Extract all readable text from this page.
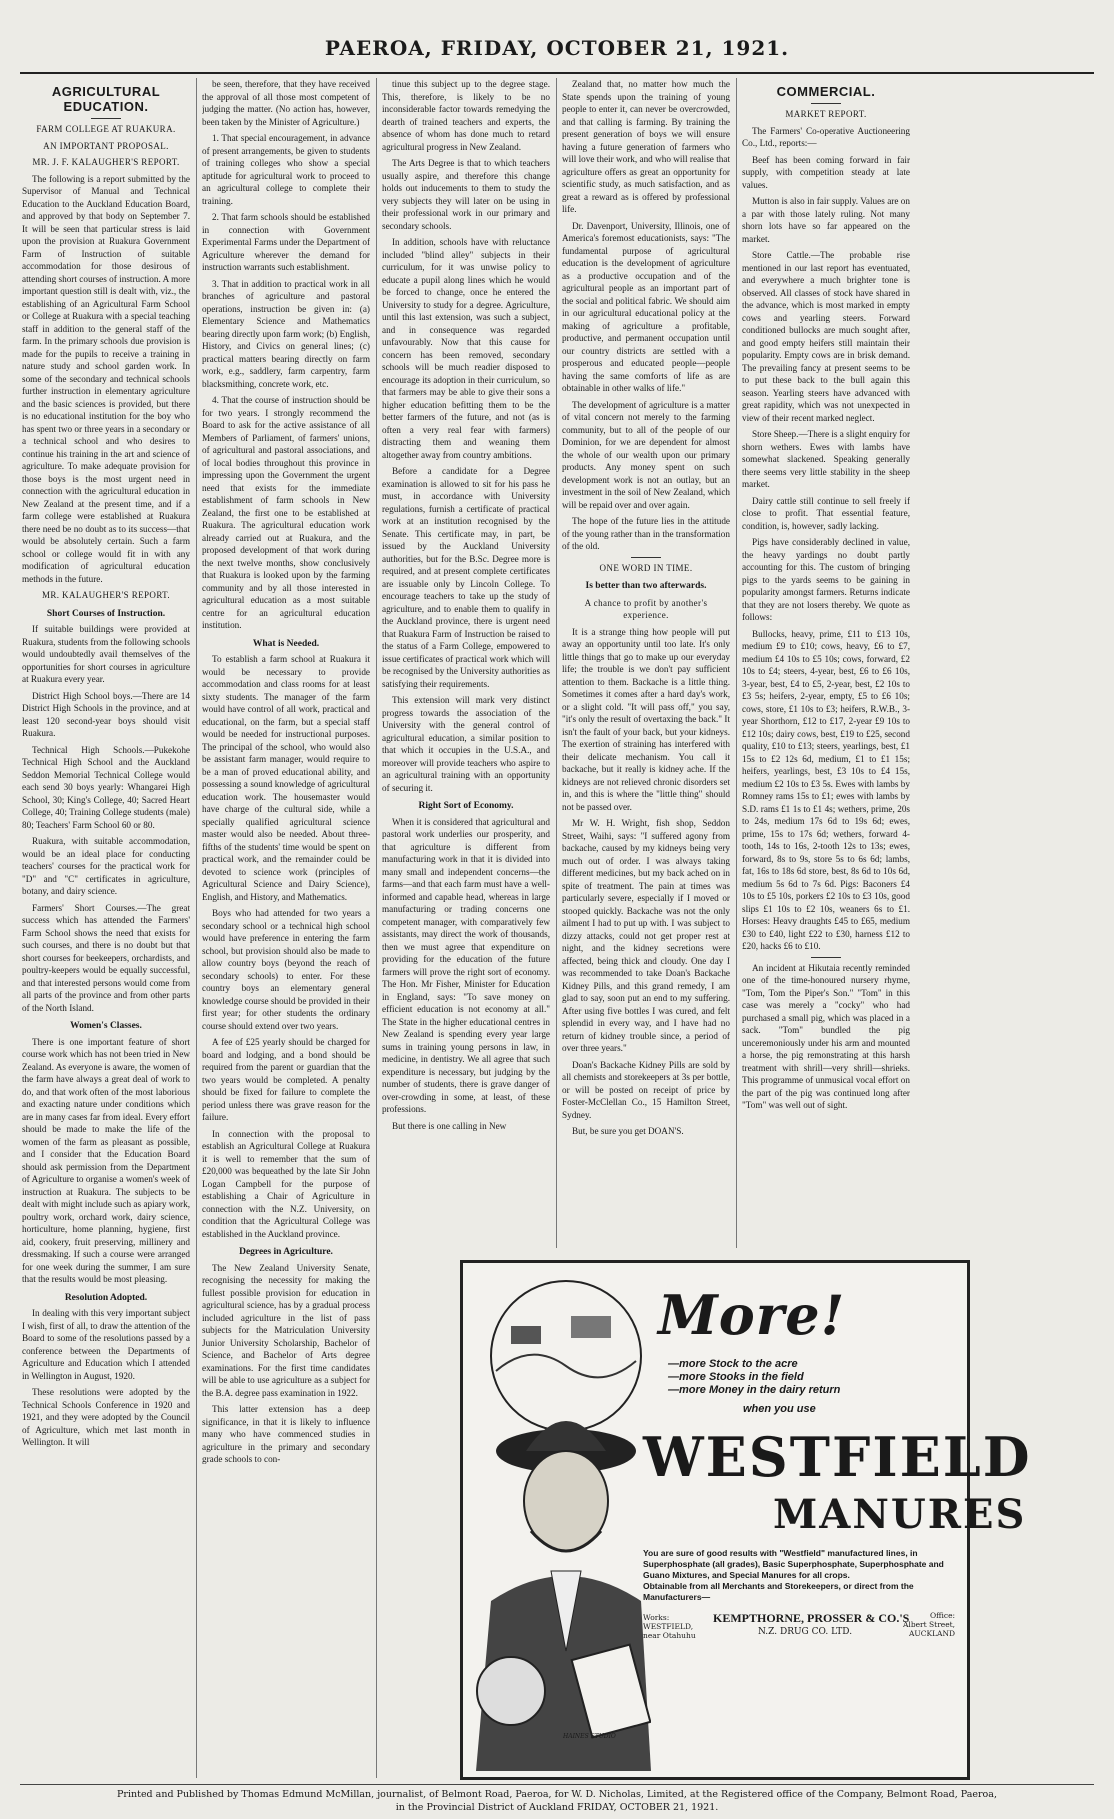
PAEROA, FRIDAY, OCTOBER 21, 1921.
AGRICULTURAL EDUCATION.
FARM COLLEGE AT RUAKURA.
AN IMPORTANT PROPOSAL.
MR. J. F. KALAUGHER'S REPORT.

The following is a report submitted by the Supervisor of Manual and Technical Education to the Auckland Education Board, and approved by that body on September 7. It will be seen that particular stress is laid upon the provision at Ruakura Government Farm of Instruction of suitable accommodation for those desirous of attending short courses of instruction. A more important question still is dealt with, viz., the establishing of an Agricultural Farm School or College at Ruakura with a special teaching staff in addition to the general staff of the farm. In the primary schools due provision is made for the pupils to receive a training in nature study and school garden work. In some of the secondary and technical schools further instruction in elementary agriculture and the basic sciences is provided, but there is no educational institution for the boy who has spent two or three years in a secondary or a technical school and who desires to continue his training in the art and science of agriculture. To make adequate provision for those boys is the most urgent need in connection with the agricultural education in New Zealand at the present time, and if a farm college were established at Ruakura there need be no doubt as to its success—that would be absolutely certain. Such a farm school or college would fit in with any modification of agricultural education methods in the future.

MR. KALAUGHER'S REPORT.
Short Courses of Instruction.

If suitable buildings were provided at Ruakura, students from the following schools would undoubtedly avail themselves of the opportunities for short courses in agriculture at Ruakura every year.

District High School boys.—There are 14 District High Schools in the province, and at least 120 second-year boys should visit Ruakura.

Technical High Schools.—Pukekohe Technical High School and the Auckland Seddon Memorial Technical College would each send 30 boys yearly: Whangarei High School, 30; King's College, 40; Sacred Heart College, 40; Training College students (male) 80; Teachers' Farm School 60 or 80.

Ruakura, with suitable accommodation, would be an ideal place for conducting teachers' courses for the practical work for "D" and "C" certificates in agriculture, botany, and dairy science.

Farmers' Short Courses.—The great success which has attended the Farmers' Farm School shows the need that exists for such courses, and there is no doubt but that short courses for beekeepers, orchardists, and poultry-keepers would be equally successful, and that interested persons would come from all parts of the province and from other parts of the North Island.

Women's Classes.

There is one important feature of short course work which has not been tried in New Zealand. As everyone is aware, the women of the farm have always a great deal of work to do, and that work often of the most laborious and exacting nature under conditions which are in many cases far from ideal. Every effort should be made to make the life of the women of the farm as pleasant as possible, and I consider that the Education Board should ask permission from the Department of Agriculture to organise a women's week of instruction at Ruakura. The subjects to be dealt with might include such as apiary work, poultry work, orchard work, dairy science, horticulture, home planning, hygiene, first aid, cookery, fruit preserving, millinery and dressmaking. If such a course were arranged for one week during the summer, I am sure that the results would be most pleasing.

Resolution Adopted.

In dealing with this very important subject I wish, first of all, to draw the attention of the Board to some of the resolutions passed by a conference between the Departments of Agriculture and Education which I attended in Wellington in August, 1920.

These resolutions were adopted by the Technical Schools Conference in 1920 and 1921, and they were adopted by the Council of Agriculture, which met last month in Wellington. It will

be seen, therefore, that they have received the approval of all those most competent of judging the matter. (No action has, however, been taken by the Minister of Agriculture.)

1. That special encouragement, in advance of present arrangements, be given to students of training colleges who show a special aptitude for agricultural work to proceed to an agricultural college to complete their training.

2. That farm schools should be established in connection with Government Experimental Farms under the Department of Agriculture wherever the demand for instruction warrants such establishment.

3. That in addition to practical work in all branches of agriculture and pastoral operations, instruction be given in: (a) Elementary Science and Mathematics bearing directly upon farm work; (b) English, History, and Civics on general lines; (c) practical matters bearing directly on farm work, e.g., saddlery, farm carpentry, farm blacksmithing, concrete work, etc.

4. That the course of instruction should be for two years. I strongly recommend the Board to ask for the active assistance of all Members of Parliament, of farmers' unions, of agricultural and pastoral associations, and of local bodies throughout this province in impressing upon the Government the urgent need that exists for the immediate establishment of farm schools in New Zealand, the first one to be established at Ruakura. The agricultural education work already carried out at Ruakura, and the proposed development of that work during the next twelve months, show conclusively that Ruakura is looked upon by the farming community and by all those interested in agricultural education as a most suitable centre for an agricultural education institution.

What is Needed.

To establish a farm school at Ruakura it would be necessary to provide accommodation and class rooms for at least sixty students. The manager of the farm would have control of all work, practical and educational, on the farm, but a special staff would be needed for instructional purposes. The principal of the school, who would also be assistant farm manager, would require to be a man of proved educational ability, and possessing a sound knowledge of agricultural education work. The housemaster would have charge of the cultural side, while a specially qualified agricultural science master would also be needed. About three-fifths of the students' time would be spent on practical work, and the remainder could be devoted to science work (principles of Agricultural Science and Dairy Science), English, and History, and Mathematics.

Boys who had attended for two years a secondary school or a technical high school would have preference in entering the farm school, but provision should also be made to allow country boys (beyond the reach of secondary schools) to enter. For these country boys an elementary general knowledge course should be provided in their first year; for other students the ordinary course should extend over two years.

A fee of £25 yearly should be charged for board and lodging, and a bond should be required from the parent or guardian that the two years would be completed. A penalty should be fixed for failure to complete the period unless there was grave reason for the failure.

In connection with the proposal to establish an Agricultural College at Ruakura it is well to remember that the sum of £20,000 was bequeathed by the late Sir John Logan Campbell for the purpose of establishing a Chair of Agriculture in connection with the N.Z. University, on condition that the Agricultural College was established in the Auckland province.

Degrees in Agriculture.

The New Zealand University Senate, recognising the necessity for making the fullest possible provision for education in agricultural science, has by a gradual process included agriculture in the list of pass subjects for the Matriculation University Junior University Scholarship, Bachelor of Science, and Bachelor of Arts degree examinations. For the first time candidates will be able to use agriculture as a subject for the B.A. degree pass examination in 1922.

This latter extension has a deep significance, in that it is likely to influence many who have commenced studies in agriculture in the primary and secondary grade schools to con-

tinue this subject up to the degree stage. This, therefore, is likely to be no inconsiderable factor towards remedying the dearth of trained teachers and experts, the absence of whom has done much to retard agricultural progress in New Zealand.

The Arts Degree is that to which teachers usually aspire, and therefore this change holds out inducements to them to study the very subjects they will later on be using in their professional work in our primary and secondary schools.

In addition, schools have with reluctance included "blind alley" subjects in their curriculum, for it was unwise policy to educate a pupil along lines which he would be forced to change, once he entered the University to study for a degree. Agriculture, until this last extension, was such a subject, and in consequence was regarded unfavourably. Now that this cause for concern has been removed, secondary schools will be much readier disposed to encourage its adoption in their curriculum, so that farmers may be able to give their sons a higher education befitting them to be the better farmers of the future, and not (as is often a very real fear with farmers) distracting them and weaning them altogether away from country ambitions.

Before a candidate for a Degree examination is allowed to sit for his pass he must, in accordance with University regulations, furnish a certificate of practical work at an institution recognised by the Senate. This certificate may, in part, be issued by the Auckland University authorities, but for the B.Sc. Degree more is required, and at present complete certificates are issuable only by Lincoln College. To encourage teachers to take up the study of agriculture, and to enable them to qualify in the Auckland province, there is urgent need that Ruakura Farm of Instruction be raised to the status of a Farm College, empowered to issue certificates of practical work which will be recognised by the University authorities as satisfying their requirements.

This extension will mark very distinct progress towards the association of the University with the general control of agricultural education, a similar position to that which it occupies in the U.S.A., and moreover will provide teachers who aspire to an agricultural training with an opportunity of securing it.

Right Sort of Economy.

When it is considered that agricultural and pastoral work underlies our prosperity, and that agriculture is different from manufacturing work in that it is divided into many small and independent concerns—the farms—and that each farm must have a well-informed and capable head, whereas in large manufacturing or trading concerns one competent manager, with comparatively few assistants, may direct the work of thousands, then we must agree that expenditure on providing for the education of the future farmers will prove the right sort of economy. The Hon. Mr Fisher, Minister for Education in England, says: "To save money on efficient education is not economy at all." The State in the higher educational centres in New Zealand is spending every year large sums in training young persons in law, in medicine, in dentistry. We all agree that such expenditure is necessary, but judging by the number of students, there is grave danger of over-crowding in some, at least, of these professions.

But there is one calling in New

Zealand that, no matter how much the State spends upon the training of young people to enter it, can never be overcrowded, and that calling is farming. By training the present generation of boys we will ensure having a future generation of farmers who will love their work, and who will realise that agriculture offers as great an opportunity for scientific study, as much satisfaction, and as great a reward as is offered by professional life.

Dr. Davenport, University, Illinois, one of America's foremost educationists, says: "The fundamental purpose of agricultural education is the development of agriculture as a productive occupation and of the agricultural people as an important part of the social and political fabric. We should aim in our agricultural educational policy at the making of agriculture a profitable, productive, and permanent occupation until our country districts are settled with a prosperous and educated people—people having the same comforts of life as are obtainable in other walks of life."

The development of agriculture is a matter of vital concern not merely to the farming community, but to all of the people of our Dominion, for we are dependent for almost the whole of our wealth upon our primary products. Any money spent on such development work is not an outlay, but an investment in the soil of New Zealand, which will be repaid over and over again.

The hope of the future lies in the attitude of the young rather than in the transformation of the old.

ONE WORD IN TIME.
Is better than two afterwards.
A chance to profit by another's experience.

It is a strange thing how people will put away an opportunity until too late. It's only little things that go to make up our everyday life; the trouble is we don't pay sufficient attention to them. Backache is a little thing. Sometimes it comes after a hard day's work, or a slight cold. "It will pass off," you say, "it's only the result of overtaxing the back." It isn't the fault of your back, but your kidneys. The exertion of straining has interfered with their delicate mechanism. You call it backache, but it really is kidney ache. If the kidneys are not relieved chronic disorders set in, and this is where the "little thing" should not be passed over.

Mr W. H. Wright, fish shop, Seddon Street, Waihi, says: "I suffered agony from backache, caused by my kidneys being very much out of order. I was always taking different medicines, but my back ached on in spite of treatment. The pain at times was particularly severe, especially if I moved or stooped quickly. Backache was not the only ailment I had to put up with. I was subject to dizzy attacks, could not get proper rest at night, and the kidney secretions were affected, being thick and cloudy. One day I was recommended to take Doan's Backache Kidney Pills, and this grand remedy, I am glad to say, soon put an end to my suffering. After using five bottles I was cured, and felt splendid in every way, and I have had no return of kidney trouble since, a period of over three years."

Doan's Backache Kidney Pills are sold by all chemists and storekeepers at 3s per bottle, or will be posted on receipt of price by Foster-McClellan Co., 15 Hamilton Street, Sydney.

But, be sure you get DOAN'S.

COMMERCIAL.
MARKET REPORT.

The Farmers' Co-operative Auctioneering Co., Ltd., reports:—

Beef has been coming forward in fair supply, with competition steady at late values.

Mutton is also in fair supply. Values are on a par with those lately ruling. Not many shorn lots have so far appeared on the market.

Store Cattle.—The probable rise mentioned in our last report has eventuated, and everywhere a much brighter tone is observed. All classes of stock have shared in the advance, which is most marked in empty cows and yearling steers. Forward conditioned bullocks are much sought after, and good empty heifers still maintain their popularity. Empty cows are in brisk demand. The prevailing fancy at present seems to be to put these back to the bull again this season. Yearling steers have advanced with great rapidity, which was not unexpected in view of their recent marked neglect.

Store Sheep.—There is a slight enquiry for shorn wethers. Ewes with lambs have somewhat slackened. Speaking generally there seems very little stability in the sheep market.

Dairy cattle still continue to sell freely if close to profit. That essential feature, condition, is, however, sadly lacking.

Pigs have considerably declined in value, the heavy yardings no doubt partly accounting for this. The custom of bringing pigs to the yards seems to be gaining in popularity amongst farmers. Returns indicate that they are not losers thereby. We quote as follows:

Bullocks, heavy, prime, £11 to £13 10s, medium £9 to £10; cows, heavy, £6 to £7, medium £4 10s to £5 10s; cows, forward, £2 10s to £4; steers, 4-year, best, £6 to £6 10s, 3-year, best, £4 to £5, 2-year, best, £2 10s to £3 5s; heifers, 2-year, empty, £5 to £6 10s; cows, store, £1 10s to £3; heifers, R.W.B., 3-year Shorthorn, £12 to £17, 2-year £9 10s to £12 10s; dairy cows, best, £19 to £25, second quality, £10 to £13; steers, yearlings, best, £1 15s to £2 12s 6d, medium, £1 to £1 15s; heifers, yearlings, best, £3 10s to £4 15s, medium £2 10s to £3 5s. Ewes with lambs by Romney rams 15s to £1; ewes with lambs by S.D. rams £1 1s to £1 4s; wethers, prime, 20s to 24s, medium 17s 6d to 19s 6d; ewes, prime, 15s to 17s 6d; wethers, forward 4-tooth, 14s to 16s, 2-tooth 12s to 13s; ewes, forward, 8s to 9s, store 5s to 6s 6d; lambs, fat, 16s to 18s 6d store, best, 8s 6d to 10s 6d, medium 5s 6d to 7s 6d. Pigs: Baconers £4 10s to £5 10s, porkers £2 10s to £3 10s, good slips £1 10s to £2 10s, weaners 6s to £1. Horses: Heavy draughts £45 to £65, medium £30 to £40, light £22 to £30, harness £12 to £20, hacks £6 to £10.

An incident at Hikutaia recently reminded one of the time-honoured nursery rhyme, "Tom, Tom the Piper's Son." "Tom" in this case was merely a "cocky" who had purchased a small pig, which was placed in a sack. "Tom" bundled the pig unceremoniously under his arm and mounted a horse, the pig remonstrating at this harsh treatment with shrill—very shrill—shrieks. This programme of unmusical vocal effort on the part of the pig was continued long after "Tom" was well out of sight.

HAINES STUDIO
More!
— more Stock to the acre
— more Stooks in the field
— more Money in the dairy return
when you use
WESTFIELD
MANURES
You are sure of good results with "Westfield" manufactured lines, in Superphosphate (all grades), Basic Superphosphate, Superphosphate and Guano Mixtures, and Special Manures for all crops.
Obtainable from all Merchants and Storekeepers, or direct from the Manufacturers—
Works:
WESTFIELD,
near Otahuhu
KEMPTHORNE, PROSSER & CO.'S
N.Z. DRUG CO. LTD.
Office:
Albert Street,
AUCKLAND
Printed and Published by Thomas Edmund McMillan, journalist, of Belmont Road, Paeroa, for W. D. Nicholas, Limited, at the Registered office of the Company, Belmont Road, Paeroa,
in the Provincial District of Auckland FRIDAY, OCTOBER 21, 1921.
